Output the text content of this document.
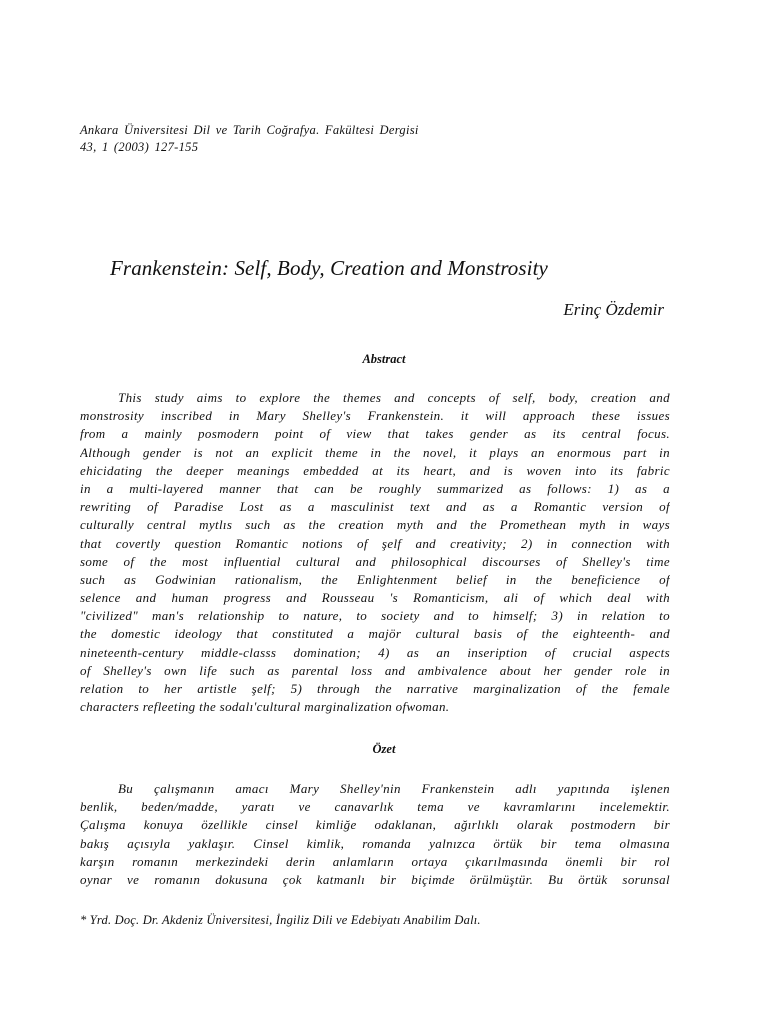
Ankara Üniversitesi Dil ve Tarih Coğrafya. Fakültesi Dergisi
43, 1 (2003) 127-155
Frankenstein: Self, Body, Creation and Monstrosity
Erinç Özdemir
Abstract
This study aims to explore the themes and concepts of self, body, creation and
monstrosity inscribed in Mary Shelley's Frankenstein. it will approach these issues
from a mainly posmodern point of view that takes gender as its central focus.
Although gender is not an explicit theme in the novel, it plays an enormous part in
ehicidating the deeper meanings embedded at its heart, and is woven into its fabric
in a multi-layered manner that can be roughly summarized as follows: 1) as a
rewriting of Paradise Lost as a masculinist text and as a Romantic version of
culturally central mytlıs such as the creation myth and the Promethean myth in ways
that covertly question Romantic notions of şelf and creativity; 2) in connection with
some of the most influential cultural and philosophical discourses of Shelley's time
such as Godwinian rationalism, the Enlightenment belief in the beneficience of
selence and human progress and Rousseau 's Romanticism, ali of which deal with
"civilized" man's relationship to nature, to society and to himself; 3) in relation to
the domestic ideology that constituted a majör cultural basis of the eighteenth- and
nineteenth-century middle-classs domination; 4) as an inseription of crucial aspects
of Shelley's own life such as parental loss and ambivalence about her gender role in
relation to her artistle şelf; 5) through the narrative marginalization of the female
characters refleeting the sodalı'cultural marginalization ofwoman.
Özet
Bu çalışmanın amacı Mary Shelley'nin Frankenstein adlı yapıtında işlenen
benlik, beden/madde, yaratı ve canavarlık tema ve kavramlarını incelemektir.
Çalışma konuya özellikle cinsel kimliğe odaklanan, ağırlıklı olarak postmodern bir
bakış açısıyla yaklaşır. Cinsel kimlik, romanda yalnızca örtük bir tema olmasına
karşın romanın merkezindeki derin anlamların ortaya çıkarılmasında önemli bir rol
oynar ve romanın dokusuna çok katmanlı bir biçimde örülmüştür. Bu örtük sorunsal
* Yrd. Doç. Dr. Akdeniz Üniversitesi, İngiliz Dili ve Edebiyatı Anabilim Dalı.
